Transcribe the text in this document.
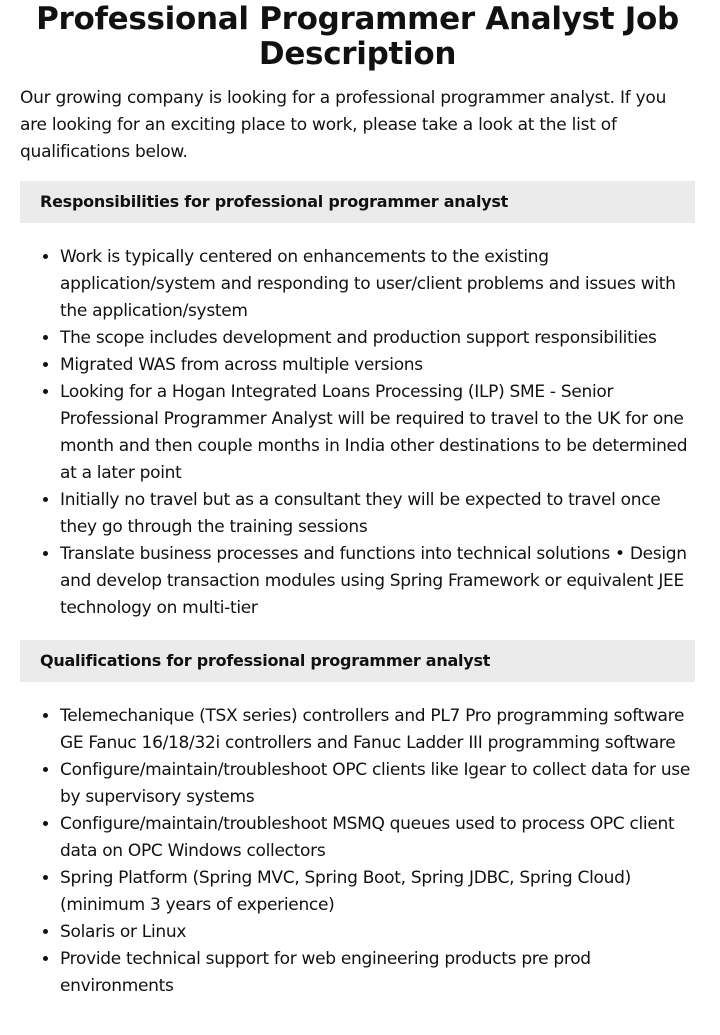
Professional Programmer Analyst Job Description

Our growing company is looking for a professional programmer analyst. If you are looking for an exciting place to work, please take a look at the list of qualifications below.

Responsibilities for professional programmer analyst
• Work is typically centered on enhancements to the existing application/system and responding to user/client problems and issues with the application/system
• The scope includes development and production support responsibilities
• Migrated WAS from across multiple versions
• Looking for a Hogan Integrated Loans Processing (ILP) SME - Senior Professional Programmer Analyst will be required to travel to the UK for one month and then couple months in India other destinations to be determined at a later point
• Initially no travel but as a consultant they will be expected to travel once they go through the training sessions
• Translate business processes and functions into technical solutions • Design and develop transaction modules using Spring Framework or equivalent JEE technology on multi-tier
Qualifications for professional programmer analyst
• Telemechanique (TSX series) controllers and PL7 Pro programming software GE Fanuc 16/18/32i controllers and Fanuc Ladder III programming software
• Configure/maintain/troubleshoot OPC clients like Igear to collect data for use by supervisory systems
• Configure/maintain/troubleshoot MSMQ queues used to process OPC client data on OPC Windows collectors
• Spring Platform (Spring MVC, Spring Boot, Spring JDBC, Spring Cloud) (minimum 3 years of experience)
• Solaris or Linux
• Provide technical support for web engineering products pre prod environments
